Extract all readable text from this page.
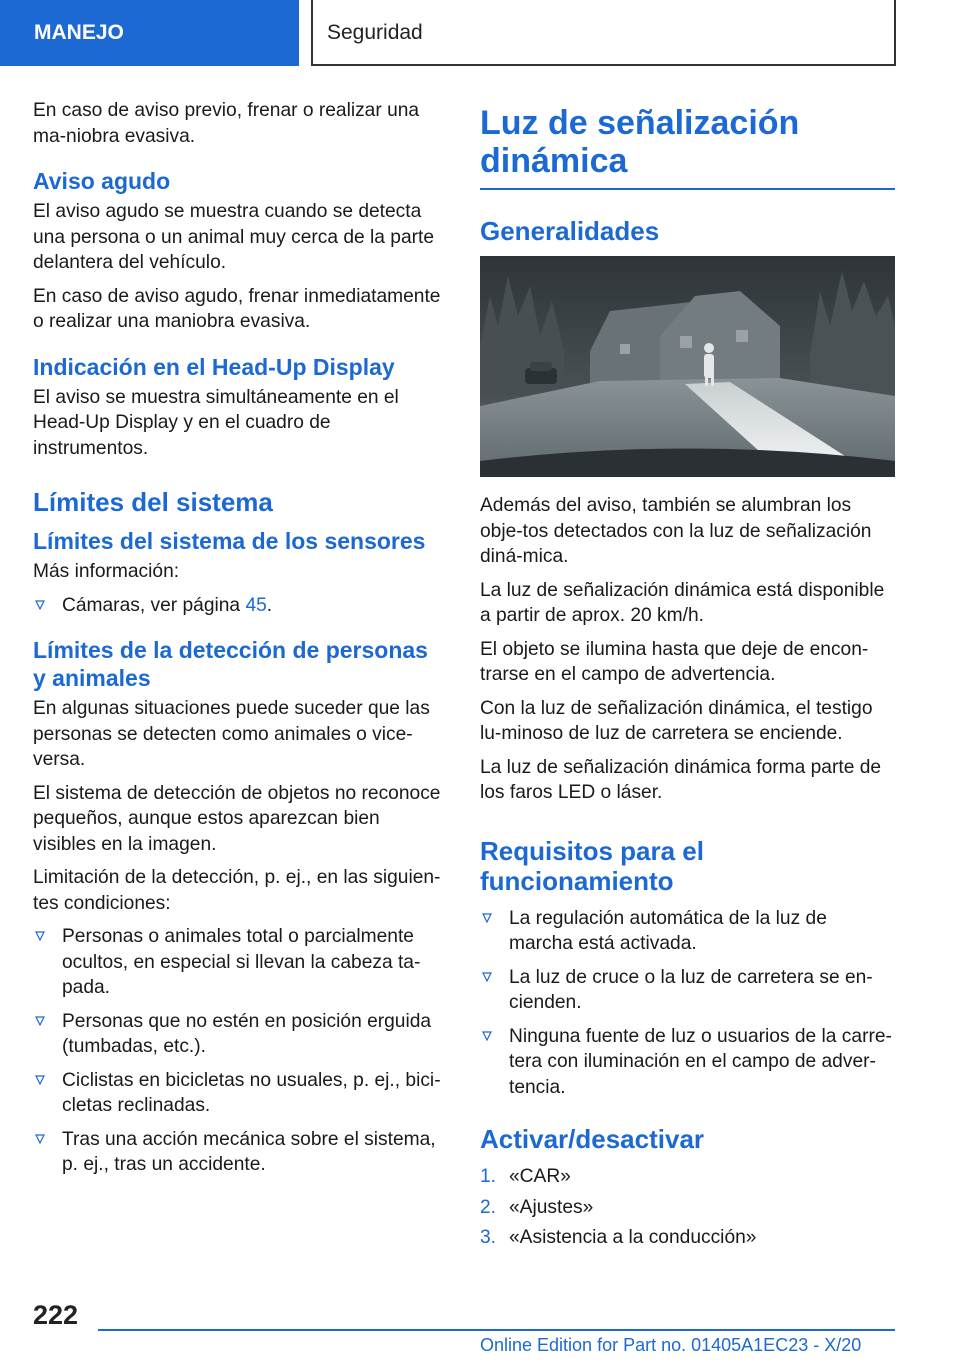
MANEJO	Seguridad

En caso de aviso previo, frenar o realizar una ma-niobra evasiva.

Aviso agudo

El aviso agudo se muestra cuando se detecta una persona o un animal muy cerca de la parte delantera del vehículo.

En caso de aviso agudo, frenar inmediatamente o realizar una maniobra evasiva.

Indicación en el Head-Up Display

El aviso se muestra simultáneamente en el Head-Up Display y en el cuadro de instrumentos.

Límites del sistema
Límites del sistema de los sensores

Más información:

Cámaras, ver página 45.
Límites de la detección de personas y animales

En algunas situaciones puede suceder que las personas se detecten como animales o vice-versa.

El sistema de detección de objetos no reconoce pequeños, aunque estos aparezcan bien visibles en la imagen.

Limitación de la detección, p. ej., en las siguien-tes condiciones:

Personas o animales total o parcialmente ocultos, en especial si llevan la cabeza ta-pada.
Personas que no estén en posición erguida (tumbadas, etc.).
Ciclistas en bicicletas no usuales, p. ej., bici-cletas reclinadas.
Tras una acción mecánica sobre el sistema, p. ej., tras un accidente.
Luz de señalización dinámica
Generalidades

Además del aviso, también se alumbran los obje-tos detectados con la luz de señalización diná-mica.

La luz de señalización dinámica está disponible a partir de aprox. 20 km/h.

El objeto se ilumina hasta que deje de encon-trarse en el campo de advertencia.

Con la luz de señalización dinámica, el testigo lu-minoso de luz de carretera se enciende.

La luz de señalización dinámica forma parte de los faros LED o láser.

Requisitos para el funcionamiento
La regulación automática de la luz de marcha está activada.
La luz de cruce o la luz de carretera se en-cienden.
Ninguna fuente de luz o usuarios de la carre-tera con iluminación en el campo de adver-tencia.
Activar/desactivar
1. «CAR»
2. «Ajustes»
3. «Asistencia a la conducción»
222
Online Edition for Part no. 01405A1EC23 - X/20
